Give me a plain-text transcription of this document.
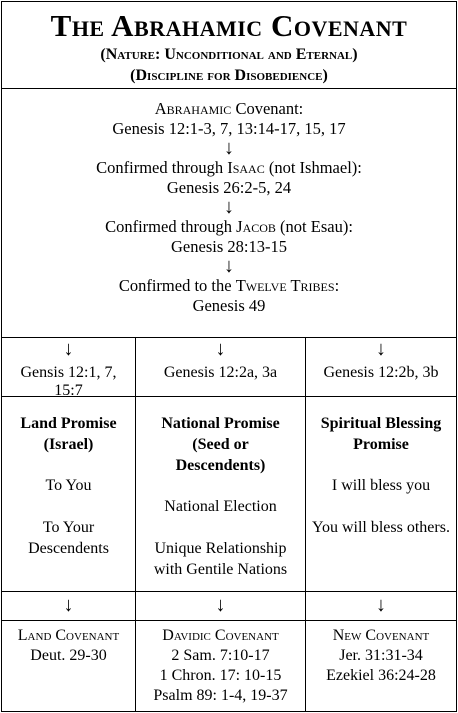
The Abrahamic Covenant
(Nature: Unconditional and Eternal)
(Discipline for Disobedience)
Abrahamic Covenant:
Genesis 12:1-3, 7, 13:14-17, 15, 17
↓
Confirmed through Isaac (not Ishmael):
Genesis 26:2-5, 24
↓
Confirmed through Jacob (not Esau):
Genesis 28:13-15
↓
Confirmed to the Twelve Tribes:
Genesis 49
↓
Gensis 12:1, 7, 15:7
↓
Genesis 12:2a, 3a
↓
Genesis 12:2b, 3b
Land Promise (Israel)
To You
To Your Descendents
National Promise (Seed or Descendents)
National Election
Unique Relationship with Gentile Nations
Spiritual Blessing Promise
I will bless you
You will bless others.
↓
Land Covenant
Deut. 29-30
↓
Davidic Covenant
2 Sam. 7:10-17
1 Chron. 17: 10-15
Psalm 89: 1-4, 19-37
↓
New Covenant
Jer. 31:31-34
Ezekiel 36:24-28
